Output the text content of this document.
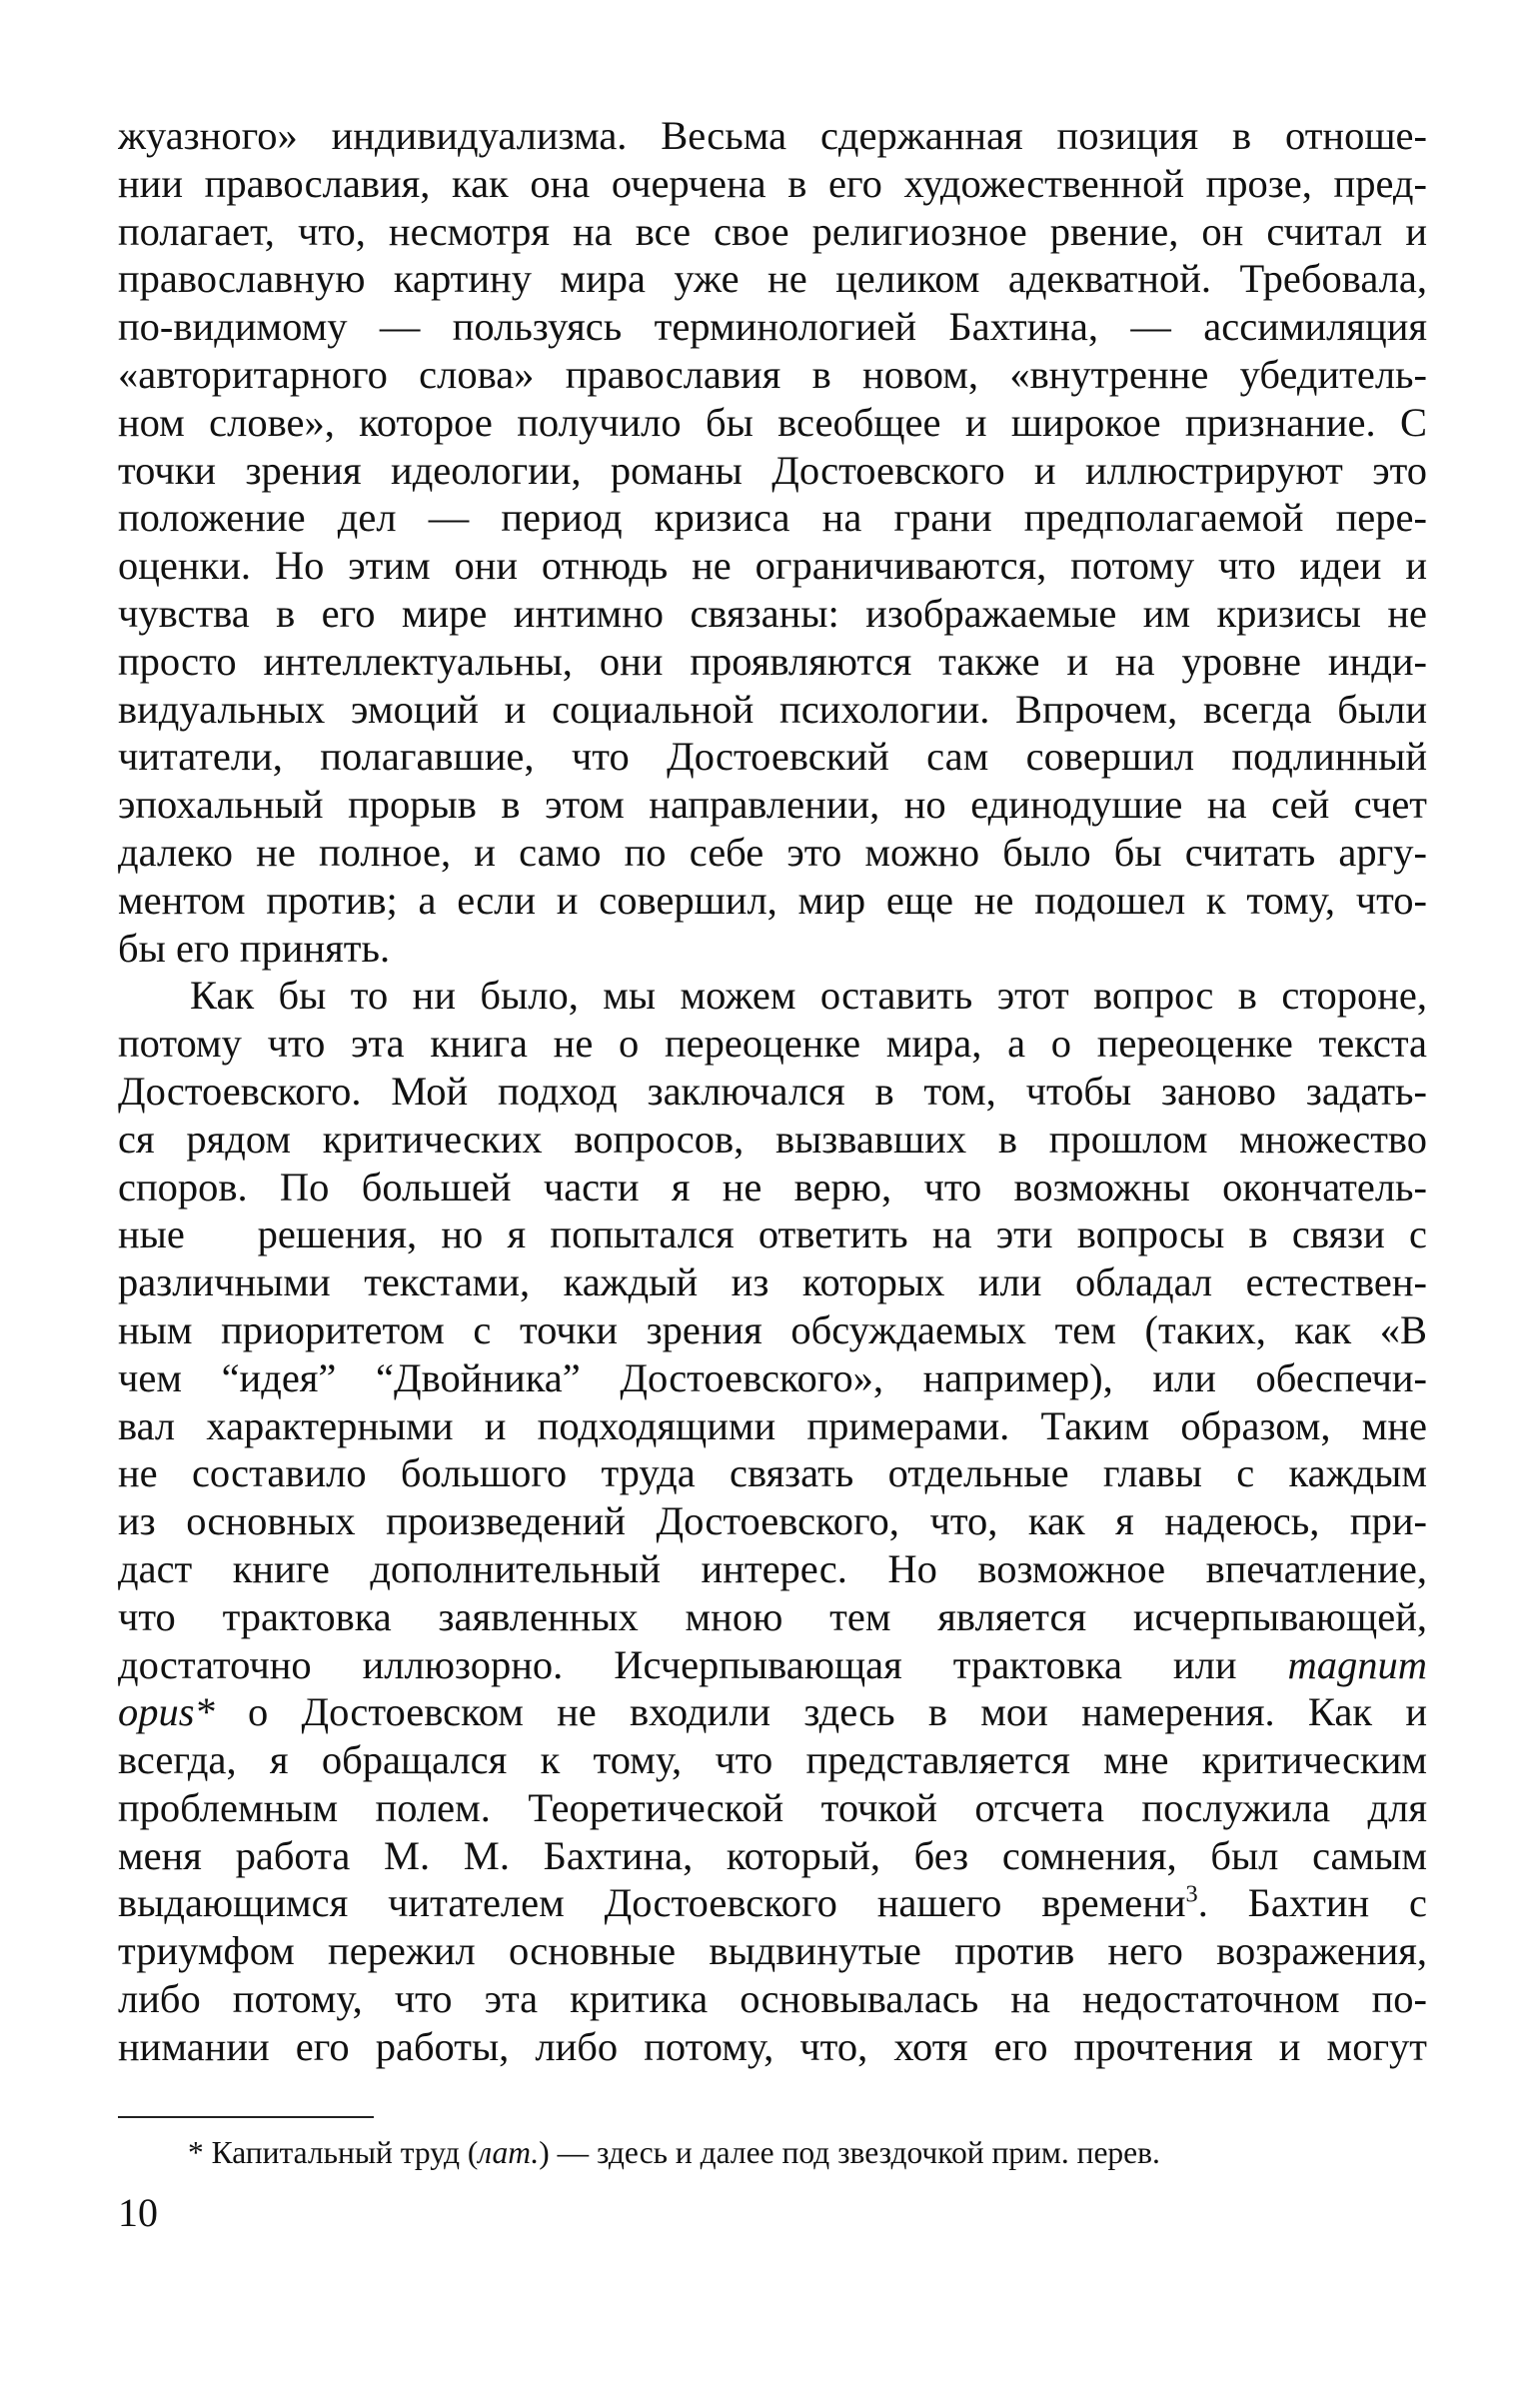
жуазного» индивидуализма. Весьма сдержанная позиция в отноше-
нии православия, как она очерчена в его художественной прозе, пред-
полагает, что, несмотря на все свое религиозное рвение, он считал и
православную картину мира уже не целиком адекватной. Требовала,
по-видимому — пользуясь терминологией Бахтина, — ассимиляция
«авторитарного слова» православия в новом, «внутренне убедитель-
ном слове», которое получило бы всеобщее и широкое признание. С
точки зрения идеологии, романы Достоевского и иллюстрируют это
положение дел — период кризиса на грани предполагаемой пере-
оценки. Но этим они отнюдь не ограничиваются, потому что идеи и
чувства в его мире интимно связаны: изображаемые им кризисы не
просто интеллектуальны, они проявляются также и на уровне инди-
видуальных эмоций и социальной психологии. Впрочем, всегда были
читатели, полагавшие, что Достоевский сам совершил подлинный
эпохальный прорыв в этом направлении, но единодушие на сей счет
далеко не полное, и само по себе это можно было бы считать аргу-
ментом против; а если и совершил, мир еще не подошел к тому, что-
бы его принять.
Как бы то ни было, мы можем оставить этот вопрос в стороне,
потому что эта книга не о переоценке мира, а о переоценке текста
Достоевского. Мой подход заключался в том, чтобы заново задать-
ся рядом критических вопросов, вызвавших в прошлом множество
споров. По большей части я не верю, что возможны окончатель-
ные   решения, но я попытался ответить на эти вопросы в связи с
различными текстами, каждый из которых или обладал естествен-
ным приоритетом с точки зрения обсуждаемых тем (таких, как «В
чем “идея” “Двойника” Достоевского», например), или обеспечи-
вал характерными и подходящими примерами. Таким образом, мне
не составило большого труда связать отдельные главы с каждым
из основных произведений Достоевского, что, как я надеюсь, при-
даст книге дополнительный интерес. Но возможное впечатление,
что трактовка заявленных мною тем является исчерпывающей,
достаточно иллюзорно. Исчерпывающая трактовка или magnum
opus* о Достоевском не входили здесь в мои намерения. Как и
всегда, я обращался к тому, что представляется мне критическим
проблемным полем. Теоретической точкой отсчета послужила для
меня работа М. М. Бахтина, который, без сомнения, был самым
выдающимся читателем Достоевского нашего времени$^3$. Бахтин с
триумфом пережил основные выдвинутые против него возражения,
либо потому, что эта критика основывалась на недостаточном по-
нимании его работы, либо потому, что, хотя его прочтения и могут
* Капитальный труд (лат.) — здесь и далее под звездочкой прим. перев.
10
